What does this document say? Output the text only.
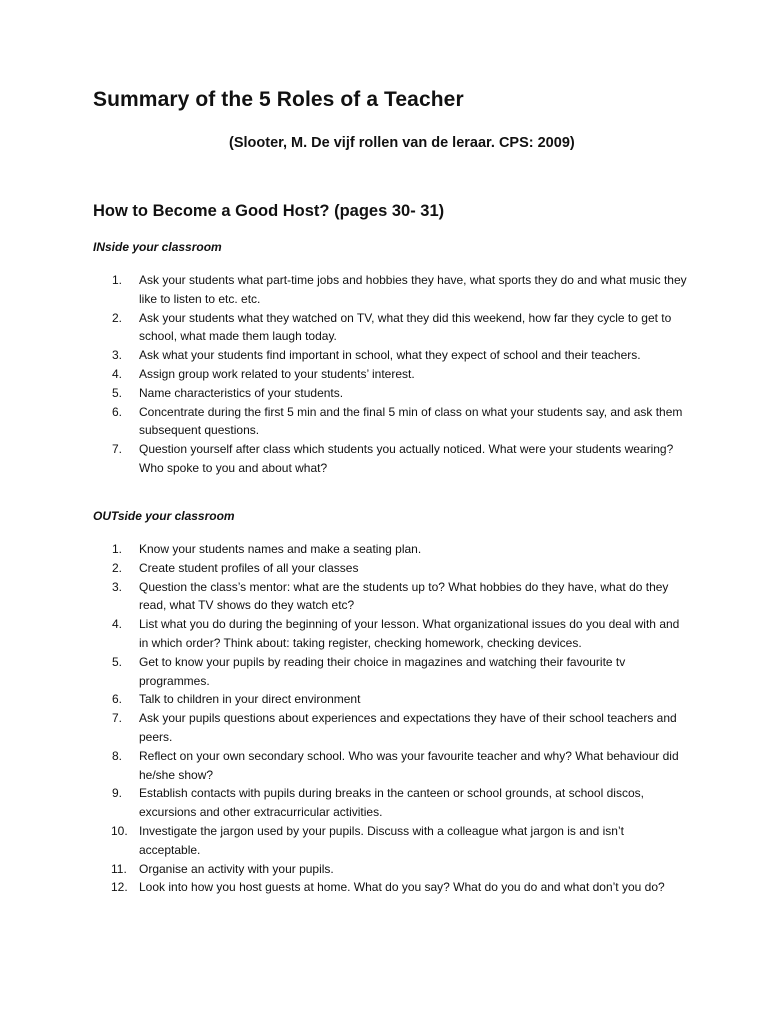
Summary of the 5 Roles of a Teacher

(Slooter, M. De vijf rollen van de leraar. CPS: 2009)

How to Become a Good Host? (pages 30- 31)

INside your classroom

1.	Ask your students what part-time jobs and hobbies they have, what sports they do and what music they like to listen to etc. etc.
2.	Ask your students what they watched on TV, what they did this weekend, how far they cycle to get to school, what made them laugh today.
3.	Ask what your students find important in school, what they expect of school and their teachers.
4.	Assign group work related to your students’ interest.
5.	Name characteristics of your students.
6.	Concentrate during the first 5 min and the final 5 min of class on what your students say, and ask them subsequent questions.
7.	Question yourself after class which students you actually noticed. What were your students wearing? Who spoke to you and about what?

OUTside your classroom

1.	Know your students names and make a seating plan.
2.	Create student profiles of all your classes
3.	Question the class’s mentor: what are the students up to? What hobbies do they have, what do they read, what TV shows do they watch etc?
4.	List what you do during the beginning of your lesson. What organizational issues do you deal with and in which order? Think about: taking register, checking homework, checking devices.
5.	Get to know your pupils by reading their choice in magazines and watching their favourite tv programmes.
6.	Talk to children in your direct environment
7.	Ask your pupils questions about experiences and expectations they have of their school teachers and peers.
8.	Reflect on your own secondary school. Who was your favourite teacher and why? What behaviour did he/she show?
9.	Establish contacts with pupils during breaks in the canteen or school grounds, at school discos, excursions and other extracurricular activities.
10. Investigate the jargon used by your pupils. Discuss with a colleague what jargon is and isn’t acceptable.
11.	Organise an activity with your pupils.
12. Look into how you host guests at home. What do you say? What do you do and what don’t you do?
